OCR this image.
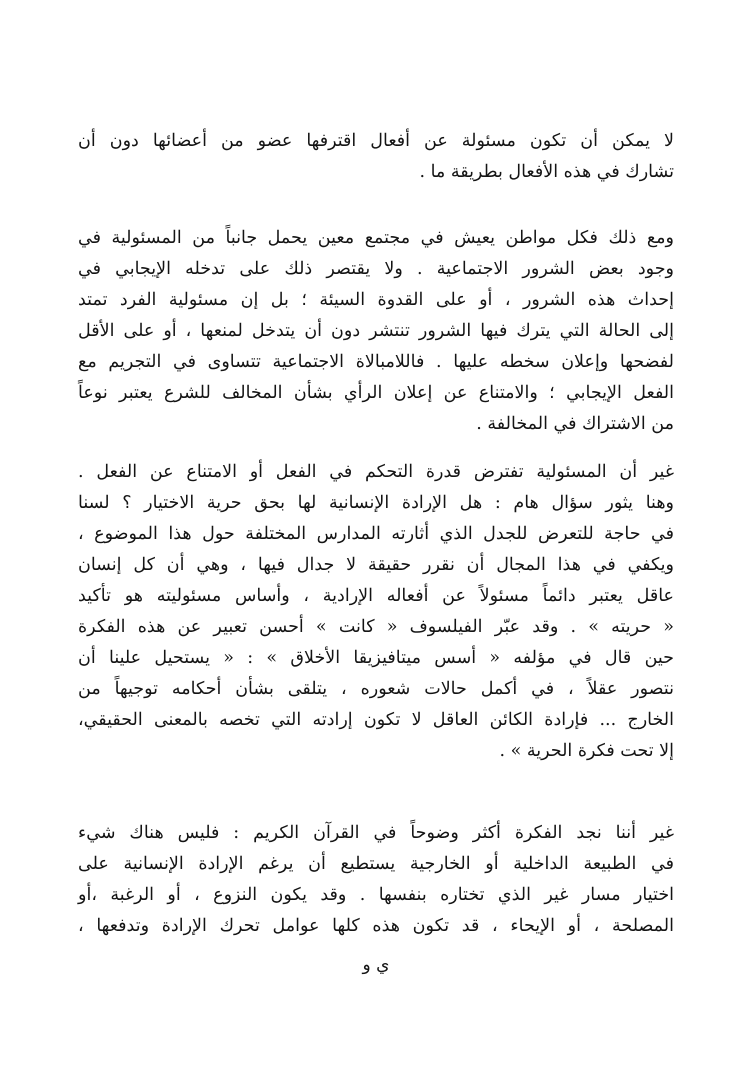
لا يمكن أن تكون مسئولة عن أفعال اقترفها عضو من أعضائها دون أن
تشارك في هذه الأفعال بطريقة ما .
ومع ذلك فكل مواطن يعيش في مجتمع معين يحمل جانباً من المسئولية في
وجود بعض الشرور الاجتماعية . ولا يقتصر ذلك على تدخله الإيجابي في
إحداث هذه الشرور ، أو على القدوة السيئة ؛ بل إن مسئولية الفرد تمتد
إلى الحالة التي يترك فيها الشرور تنتشر دون أن يتدخل لمنعها ، أو على الأقل
لفضحها وإعلان سخطه عليها . فاللامبالاة الاجتماعية تتساوى في التجريم مع
الفعل الإيجابي ؛ والامتناع عن إعلان الرأي بشأن المخالف للشرع يعتبر نوعاً
من الاشتراك في المخالفة .
غير أن المسئولية تفترض قدرة التحكم في الفعل أو الامتناع عن الفعل .
وهنا يثور سؤال هام : هل الإرادة الإنسانية لها بحق حرية الاختيار ؟ لسنا
في حاجة للتعرض للجدل الذي أثارته المدارس المختلفة حول هذا الموضوع ،
ويكفي في هذا المجال أن نقرر حقيقة لا جدال فيها ، وهي أن كل إنسان
عاقل يعتبر دائماً مسئولاً عن أفعاله الإرادية ، وأساس مسئوليته هو تأكيد
« حريته » . وقد عبّر الفيلسوف « كانت » أحسن تعبير عن هذه الفكرة
حين قال في مؤلفه « أسس ميتافيزيقا الأخلاق » : « يستحيل علينا أن
نتصور عقلاً ، في أكمل حالات شعوره ، يتلقى بشأن أحكامه توجيهاً من
الخارج ... فإرادة الكائن العاقل لا تكون إرادته التي تخصه بالمعنى الحقيقي،
إلا تحت فكرة الحرية » .
غير أننا نجد الفكرة أكثر وضوحاً في القرآن الكريم : فليس هناك شيء
في الطبيعة الداخلية أو الخارجية يستطيع أن يرغم الإرادة الإنسانية على
اختيار مسار غير الذي تختاره بنفسها . وقد يكون النزوع ، أو الرغبة ،أو
المصلحة ، أو الإيحاء ، قد تكون هذه كلها عوامل تحرك الإرادة وتدفعها ،
ي و
